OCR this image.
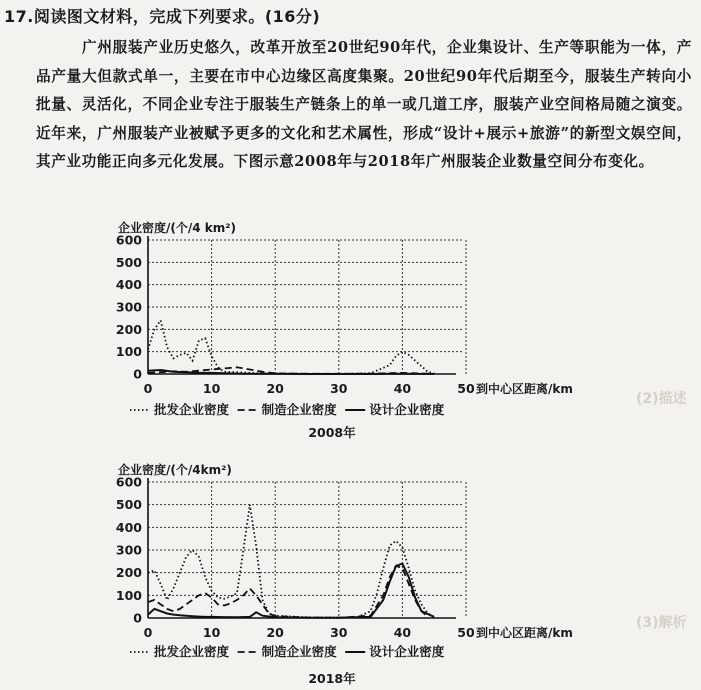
17.阅读图文材料，完成下列要求。(16分)
广州服装产业历史悠久，改革开放至20世纪90年代，企业集设计、生产等职能为一体，产品产量大但款式单一，主要在市中心边缘区高度集聚。20世纪90年代后期至今，服装生产转向小批量、灵活化，不同企业专注于服装生产链条上的单一或几道工序，服装产业空间格局随之演变。近年来，广州服装产业被赋予更多的文化和艺术属性，形成“设计+展示+旅游”的新型文娱空间，其产业功能正向多元化发展。下图示意2008年与2018年广州服装企业数量空间分布变化。
(2)描述
(3)解析
企业密度/(个/4 km²)
0
100
200
300
400
500
600
0	10	20	30	40	50 到中心区距离/km
批发企业密度	制造企业密度	设计企业密度
2008年
企业密度/(个/4km²)
0
100
200
300
400
500
600
0	10	20	30	40	50 到中心区距离/km
批发企业密度	制造企业密度	设计企业密度
2018年
